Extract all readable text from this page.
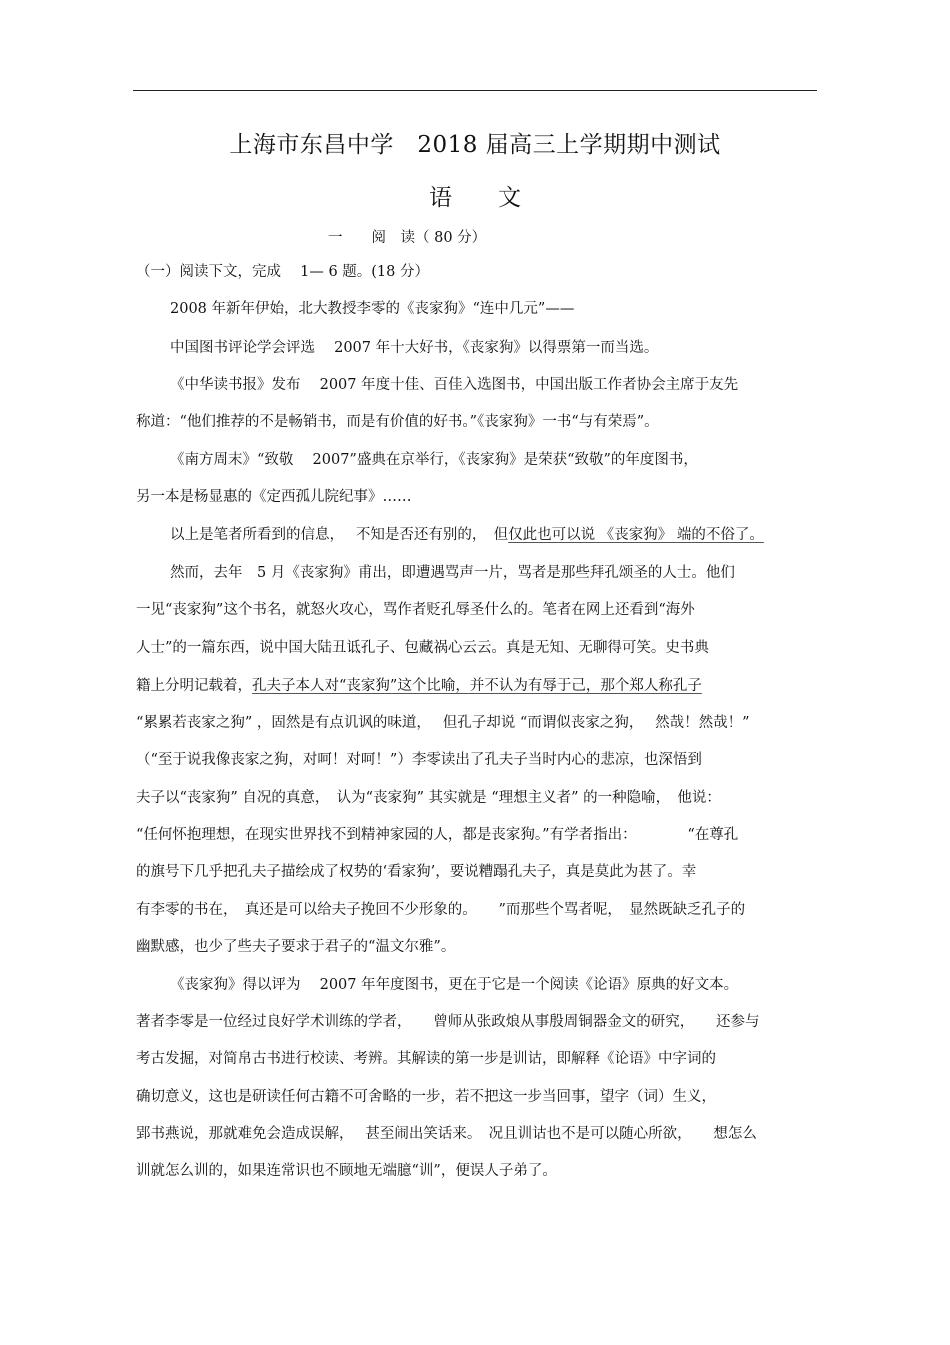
上海市东昌中学　2018 届高三上学期期中测试
语　　文
一　　阅　读（ 80 分）
（一）阅读下文，完成　 1— 6 题。(18 分）
2008 年新年伊始，北大教授李零的《丧家狗》“连中几元”——
中国图书评论学会评选　 2007 年十大好书，《丧家狗》以得票第一而当选。
《中华读书报》发布　 2007 年度十佳、百佳入选图书，中国出版工作者协会主席于友先
称道：“他们推荐的不是畅销书，而是有价值的好书。”《丧家狗》一书“与有荣焉”。
《南方周末》“致敬　 2007”盛典在京举行，《丧家狗》是荣获“致敬”的年度图书，
另一本是杨显惠的《定西孤儿院纪事》……
以上是笔者所看到的信息，　 不知是否还有别的，　但仅此也可以说 《丧家狗》 端的不俗了。
然而，去年　5 月《丧家狗》甫出，即遭遇骂声一片，骂者是那些拜孔颂圣的人士。他们
一见“丧家狗”这个书名，就怒火攻心，骂作者贬孔辱圣什么的。笔者在网上还看到“海外
人士”的一篇东西，说中国大陆丑诋孔子、包藏祸心云云。真是无知、无聊得可笑。史书典
籍上分明记载着，孔夫子本人对“丧家狗”这个比喻，并不认为有辱于己，那个郑人称孔子
“累累若丧家之狗” ，固然是有点讥讽的味道，　 但孔子却说 “而谓似丧家之狗，　 然哉！然哉！”
（“至于说我像丧家之狗，对呵！对呵！”）李零读出了孔夫子当时内心的悲凉，也深悟到
夫子以“丧家狗” 自况的真意，　认为“丧家狗” 其实就是 “理想主义者” 的一种隐喻，　他说：
“任何怀抱理想，在现实世界找不到精神家园的人，都是丧家狗。”有学者指出：　　　　“在尊孔
的旗号下几乎把孔夫子描绘成了权势的‘看家狗’，要说糟蹋孔夫子，真是莫此为甚了。幸
有李零的书在，　真还是可以给夫子挽回不少形象的。　　”而那些个骂者呢，　显然既缺乏孔子的
幽默感，也少了些夫子要求于君子的“温文尔雅”。
《丧家狗》得以评为　 2007 年年度图书，更在于它是一个阅读《论语》原典的好文本。
著者李零是一位经过良好学术训练的学者，　　曾师从张政烺从事殷周铜器金文的研究，　　还参与
考古发掘，对简帛古书进行校读、考辨。其解读的第一步是训诂，即解释《论语》中字词的
确切意义，这也是研读任何古籍不可舍略的一步，若不把这一步当回事，望字（词）生义，
郢书燕说，那就难免会造成误解，　 甚至闹出笑话来。　况且训诂也不是可以随心所欲，　　想怎么
训就怎么训的，如果连常识也不顾地无端臆“训”，便误人子弟了。
